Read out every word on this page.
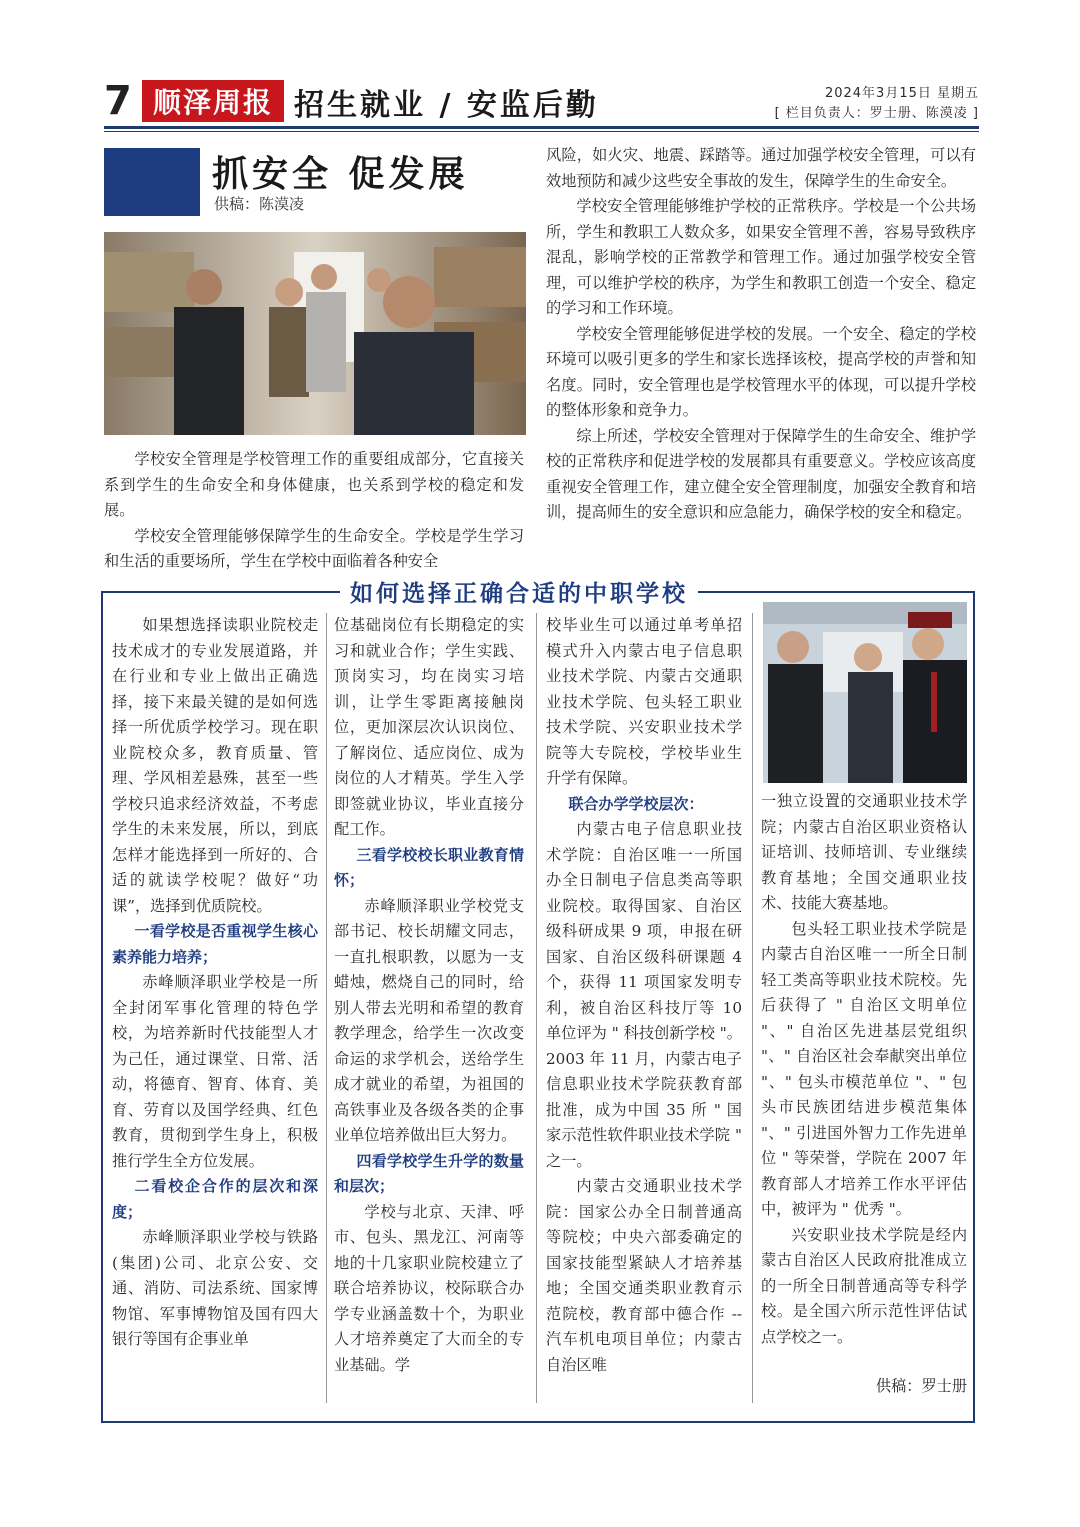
7 顺泽周报 招生就业 / 安监后勤	2024年3月15日 星期五
[ 栏目负责人：罗士册、陈漠凌 ]
抓安全 促发展
供稿：陈漠凌

学校安全管理是学校管理工作的重要组成部分，它直接关系到学生的生命安全和身体健康，也关系到学校的稳定和发展。

学校安全管理能够保障学生的生命安全。学校是学生学习和生活的重要场所，学生在学校中面临着各种安全

风险，如火灾、地震、踩踏等。通过加强学校安全管理，可以有效地预防和减少这些安全事故的发生，保障学生的生命安全。

学校安全管理能够维护学校的正常秩序。学校是一个公共场所，学生和教职工人数众多，如果安全管理不善，容易导致秩序混乱，影响学校的正常教学和管理工作。通过加强学校安全管理，可以维护学校的秩序，为学生和教职工创造一个安全、稳定的学习和工作环境。

学校安全管理能够促进学校的发展。一个安全、稳定的学校环境可以吸引更多的学生和家长选择该校，提高学校的声誉和知名度。同时，安全管理也是学校管理水平的体现，可以提升学校的整体形象和竞争力。

综上所述，学校安全管理对于保障学生的生命安全、维护学校的正常秩序和促进学校的发展都具有重要意义。学校应该高度重视安全管理工作，建立健全安全管理制度，加强安全教育和培训，提高师生的安全意识和应急能力，确保学校的安全和稳定。

如何选择正确合适的中职学校

如果想选择读职业院校走技术成才的专业发展道路，并在行业和专业上做出正确选择，接下来最关键的是如何选择一所优质学校学习。现在职业院校众多，教育质量、管理、学风相差悬殊，甚至一些学校只追求经济效益，不考虑学生的未来发展，所以，到底怎样才能选择到一所好的、合适的就读学校呢？做好“功课”，选择到优质院校。

一看学校是否重视学生核心素养能力培养；

赤峰顺泽职业学校是一所全封闭军事化管理的特色学校，为培养新时代技能型人才为己任，通过课堂、日常、活动，将德育、智育、体育、美育、劳育以及国学经典、红色教育，贯彻到学生身上，积极推行学生全方位发展。

二看校企合作的层次和深度；

赤峰顺泽职业学校与铁路(集团)公司、北京公安、交通、消防、司法系统、国家博物馆、军事博物馆及国有四大银行等国有企事业单

位基础岗位有长期稳定的实习和就业合作；学生实践、顶岗实习，均在岗实习培训，让学生零距离接触岗位，更加深层次认识岗位、了解岗位、适应岗位、成为岗位的人才精英。学生入学即签就业协议，毕业直接分配工作。

三看学校校长职业教育情怀；

赤峰顺泽职业学校党支部书记、校长胡耀文同志，一直扎根职教，以愿为一支蜡烛，燃烧自己的同时，给别人带去光明和希望的教育教学理念，给学生一次改变命运的求学机会，送给学生成才就业的希望，为祖国的高铁事业及各级各类的企事业单位培养做出巨大努力。

四看学校学生升学的数量和层次；

学校与北京、天津、呼市、包头、黑龙江、河南等地的十几家职业院校建立了联合培养协议，校际联合办学专业涵盖数十个，为职业人才培养奠定了大而全的专业基础。学

校毕业生可以通过单考单招模式升入内蒙古电子信息职业技术学院、内蒙古交通职业技术学院、包头轻工职业技术学院、兴安职业技术学院等大专院校，学校毕业生升学有保障。

联合办学学校层次：

内蒙古电子信息职业技术学院：自治区唯一一所国办全日制电子信息类高等职业院校。取得国家、自治区级科研成果 9 项，申报在研国家、自治区级科研课题 4 个，获得 11 项国家发明专利，被自治区科技厅等 10 单位评为 " 科技创新学校 "。2003 年 11 月，内蒙古电子信息职业技术学院获教育部批准，成为中国 35 所 " 国家示范性软件职业技术学院 " 之一。

内蒙古交通职业技术学院：国家公办全日制普通高等院校；中央六部委确定的国家技能型紧缺人才培养基地；全国交通类职业教育示范院校，教育部中德合作 -- 汽车机电项目单位；内蒙古自治区唯

一独立设置的交通职业技术学院；内蒙古自治区职业资格认证培训、技师培训、专业继续教育基地；全国交通职业技术、技能大赛基地。

包头轻工职业技术学院是内蒙古自治区唯一一所全日制轻工类高等职业技术院校。先后获得了 " 自治区文明单位 "、" 自治区先进基层党组织 "、" 自治区社会奉献突出单位 "、" 包头市模范单位 "、" 包头市民族团结进步模范集体 "、" 引进国外智力工作先进单位 " 等荣誉，学院在 2007 年教育部人才培养工作水平评估中，被评为 " 优秀 "。

兴安职业技术学院是经内蒙古自治区人民政府批准成立的一所全日制普通高等专科学校。是全国六所示范性评估试点学校之一。

供稿：罗士册
